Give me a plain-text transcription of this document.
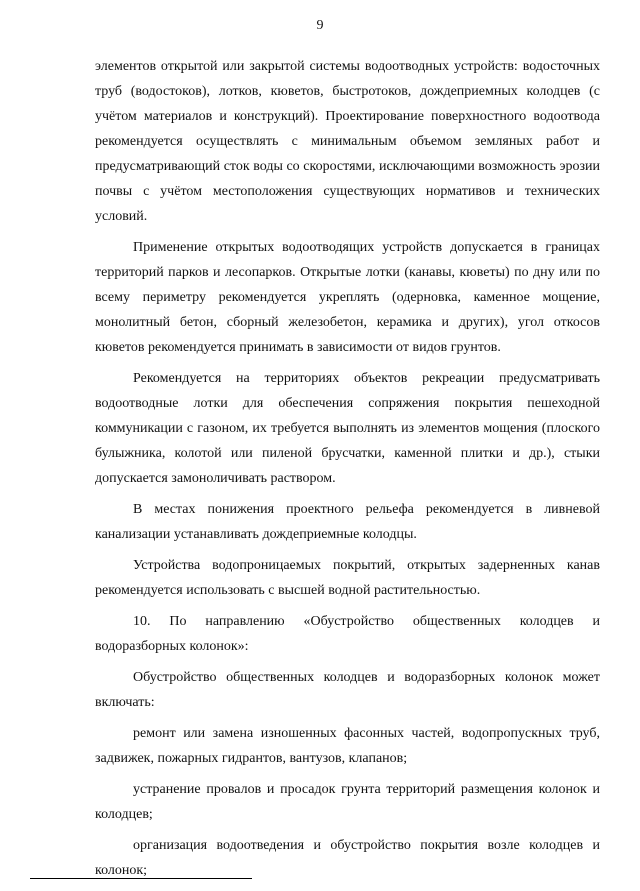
9

элементов открытой или закрытой системы водоотводных устройств: водосточных труб (водостоков), лотков, кюветов, быстротоков, дождеприемных колодцев (с учётом материалов и конструкций). Проектирование поверхностного водоотвода рекомендуется осуществлять с минимальным объемом земляных работ и предусматривающий сток воды со скоростями, исключающими возможность эрозии почвы с учётом местоположения существующих нормативов и технических условий.

Применение открытых водоотводящих устройств допускается в границах территорий парков и лесопарков. Открытые лотки (канавы, кюветы) по дну или по всему периметру рекомендуется укреплять (одерновка, каменное мощение, монолитный бетон, сборный железобетон, керамика и других), угол откосов кюветов рекомендуется принимать в зависимости от видов грунтов.

Рекомендуется на территориях объектов рекреации предусматривать водоотводные лотки для обеспечения сопряжения покрытия пешеходной коммуникации с газоном, их требуется выполнять из элементов мощения (плоского булыжника, колотой или пиленой брусчатки, каменной плитки и др.), стыки допускается замоноличивать раствором.

В местах понижения проектного рельефа рекомендуется в ливневой канализации устанавливать дождеприемные колодцы.

Устройства водопроницаемых покрытий, открытых задерненных канав рекомендуется использовать с высшей водной растительностью.

10. По направлению «Обустройство общественных колодцев и водоразборных колонок»:

Обустройство общественных колодцев и водоразборных колонок может включать:

ремонт или замена изношенных фасонных частей, водопропускных труб, задвижек, пожарных гидрантов, вантузов, клапанов;

устранение провалов и просадок грунта территорий размещения колонок и колодцев;

организация водоотведения и обустройство покрытия возле колодцев и колонок;
